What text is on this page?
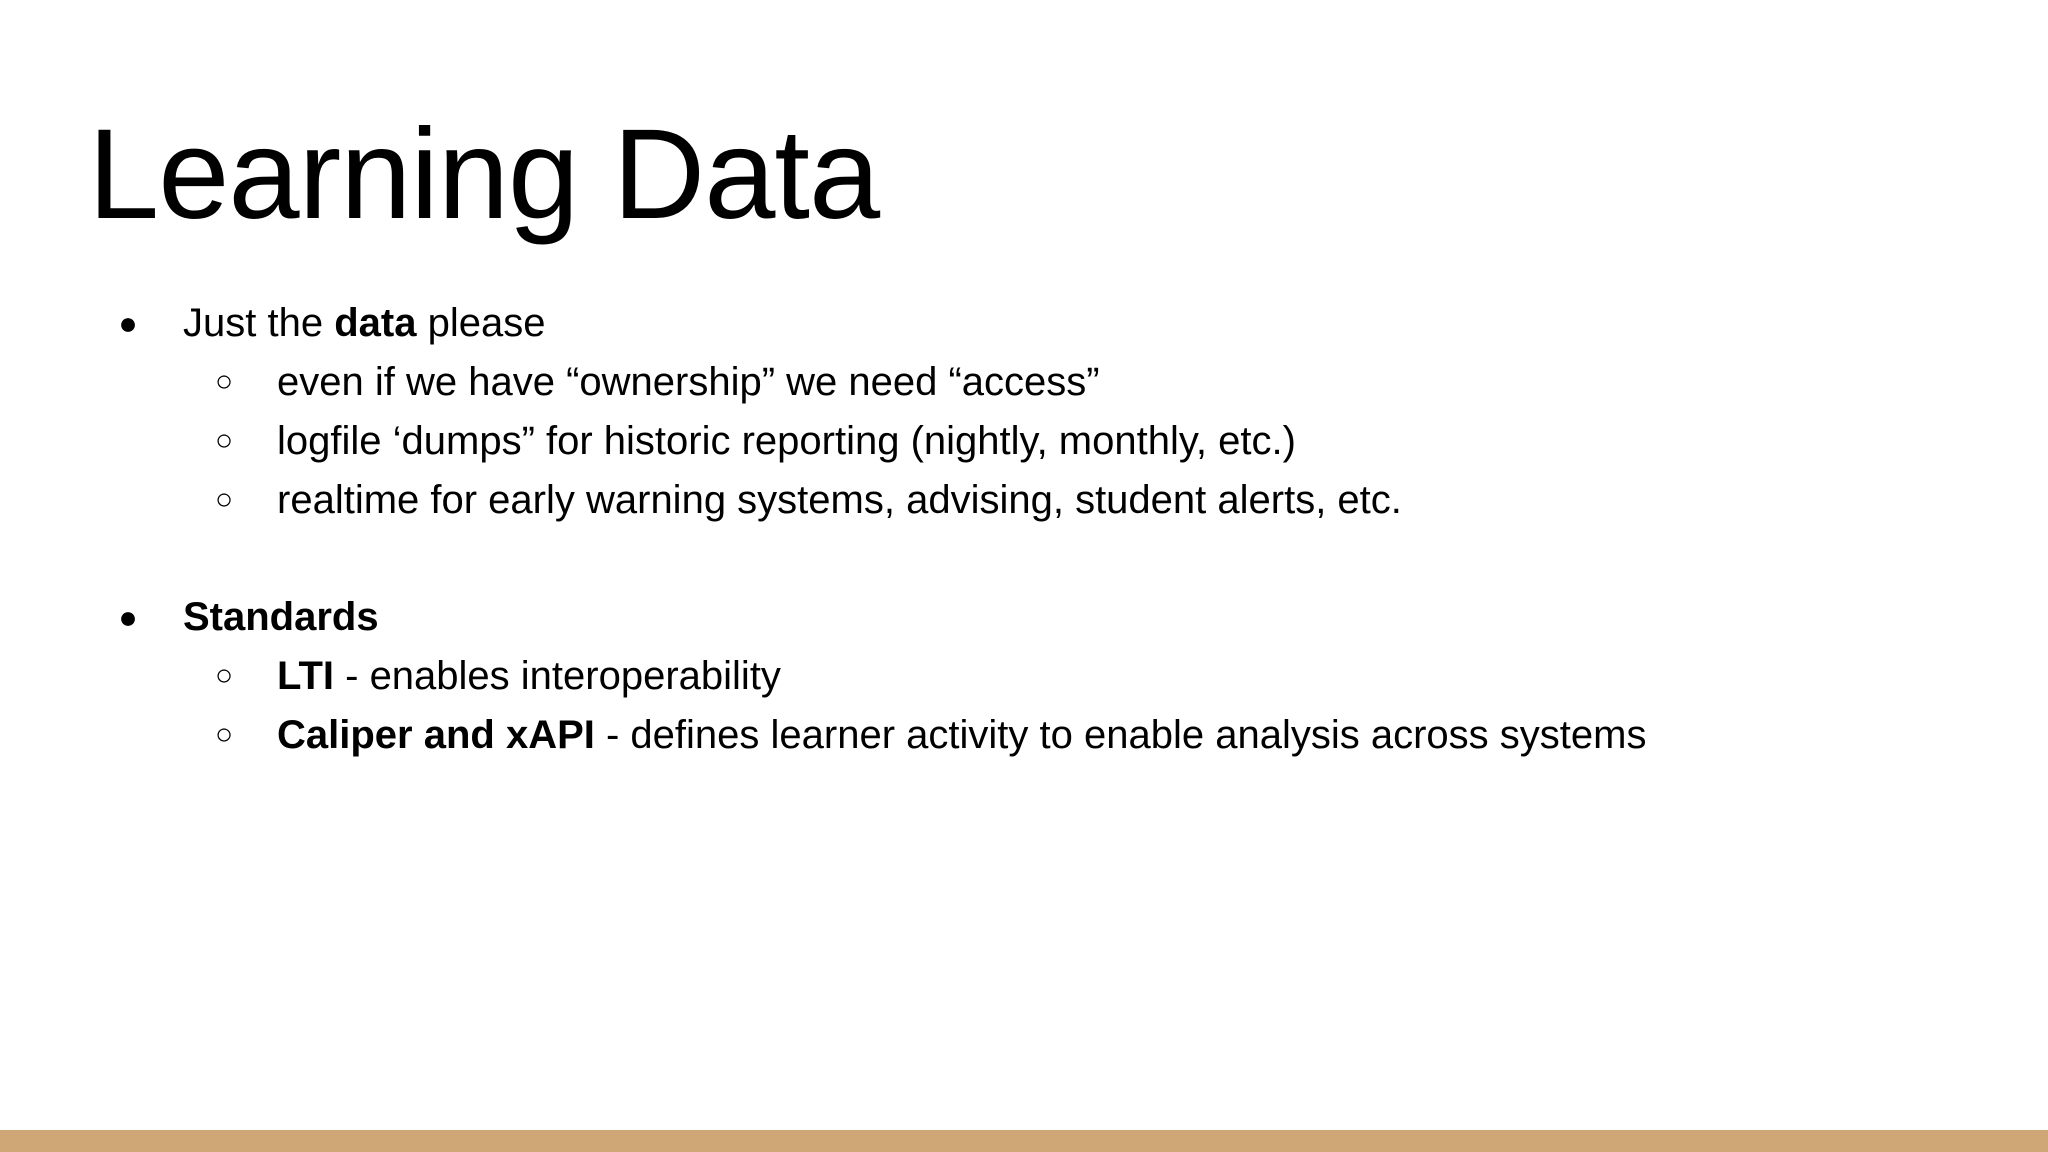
Learning Data
● Just the data please
○ even if we have “ownership” we need “access”
○ logfile ‘dumps” for historic reporting (nightly, monthly, etc.)
○ realtime for early warning systems, advising, student alerts, etc.
● Standards
○ LTI - enables interoperability
○ Caliper and xAPI - defines learner activity to enable analysis across systems
